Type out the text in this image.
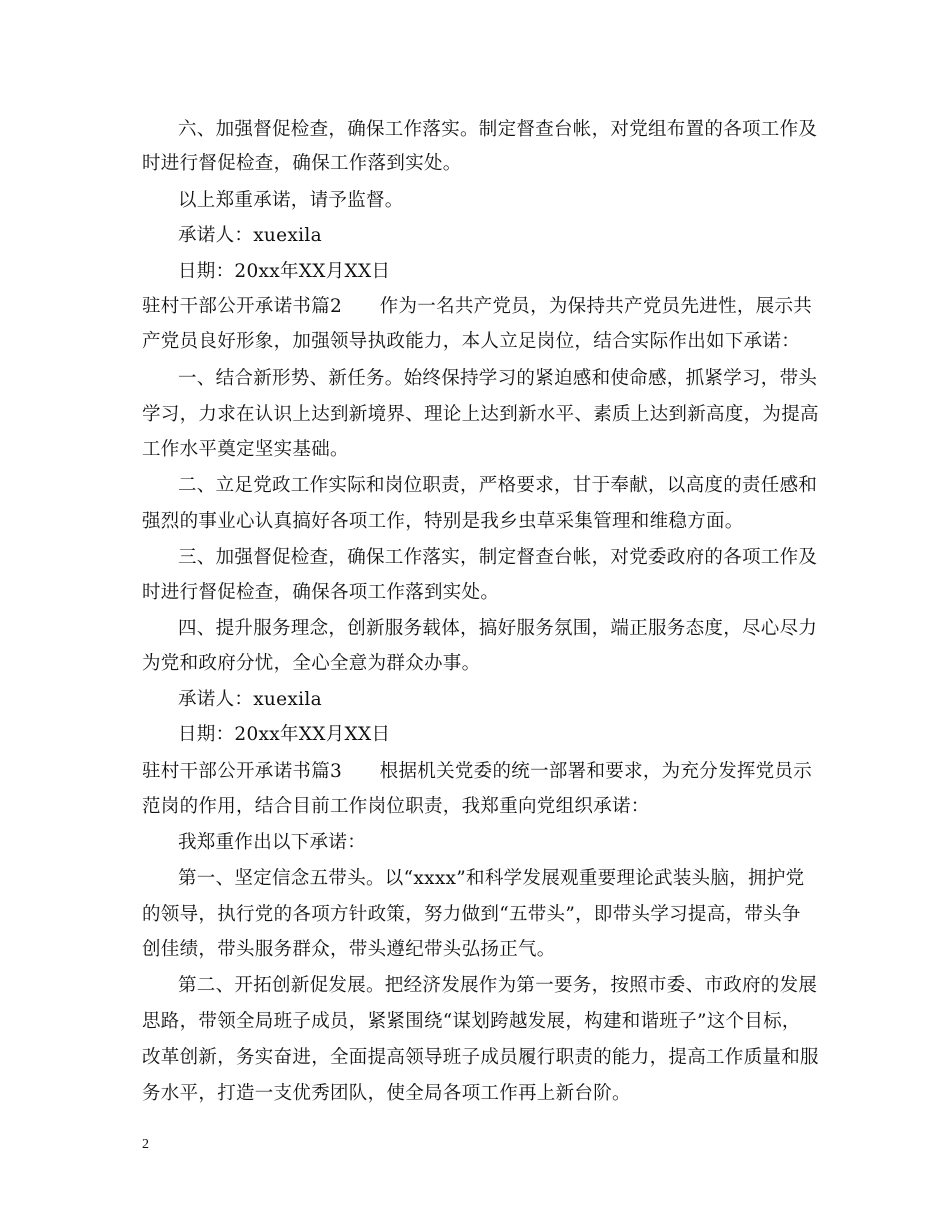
六、加强督促检查，确保工作落实。制定督查台帐，对党组布置的各项工作及
时进行督促检查，确保工作落到实处。
以上郑重承诺，请予监督。
承诺人：xuexila
日期：20xx年XX月XX日
驻村干部公开承诺书篇2　　作为一名共产党员，为保持共产党员先进性，展示共
产党员良好形象，加强领导执政能力，本人立足岗位，结合实际作出如下承诺：
一、结合新形势、新任务。始终保持学习的紧迫感和使命感，抓紧学习，带头
学习，力求在认识上达到新境界、理论上达到新水平、素质上达到新高度，为提高
工作水平奠定坚实基础。
二、立足党政工作实际和岗位职责，严格要求，甘于奉献，以高度的责任感和
强烈的事业心认真搞好各项工作，特别是我乡虫草采集管理和维稳方面。
三、加强督促检查，确保工作落实，制定督查台帐，对党委政府的各项工作及
时进行督促检查，确保各项工作落到实处。
四、提升服务理念，创新服务载体，搞好服务氛围，端正服务态度，尽心尽力
为党和政府分忧，全心全意为群众办事。
承诺人：xuexila
日期：20xx年XX月XX日
驻村干部公开承诺书篇3　　根据机关党委的统一部署和要求，为充分发挥党员示
范岗的作用，结合目前工作岗位职责，我郑重向党组织承诺：
我郑重作出以下承诺：
第一、坚定信念五带头。以“xxxx”和科学发展观重要理论武装头脑，拥护党
的领导，执行党的各项方针政策，努力做到“五带头”，即带头学习提高，带头争
创佳绩，带头服务群众，带头遵纪带头弘扬正气。
第二、开拓创新促发展。把经济发展作为第一要务，按照市委、市政府的发展
思路，带领全局班子成员，紧紧围绕“谋划跨越发展，构建和谐班子”这个目标，
改革创新，务实奋进，全面提高领导班子成员履行职责的能力，提高工作质量和服
务水平，打造一支优秀团队，使全局各项工作再上新台阶。
2
